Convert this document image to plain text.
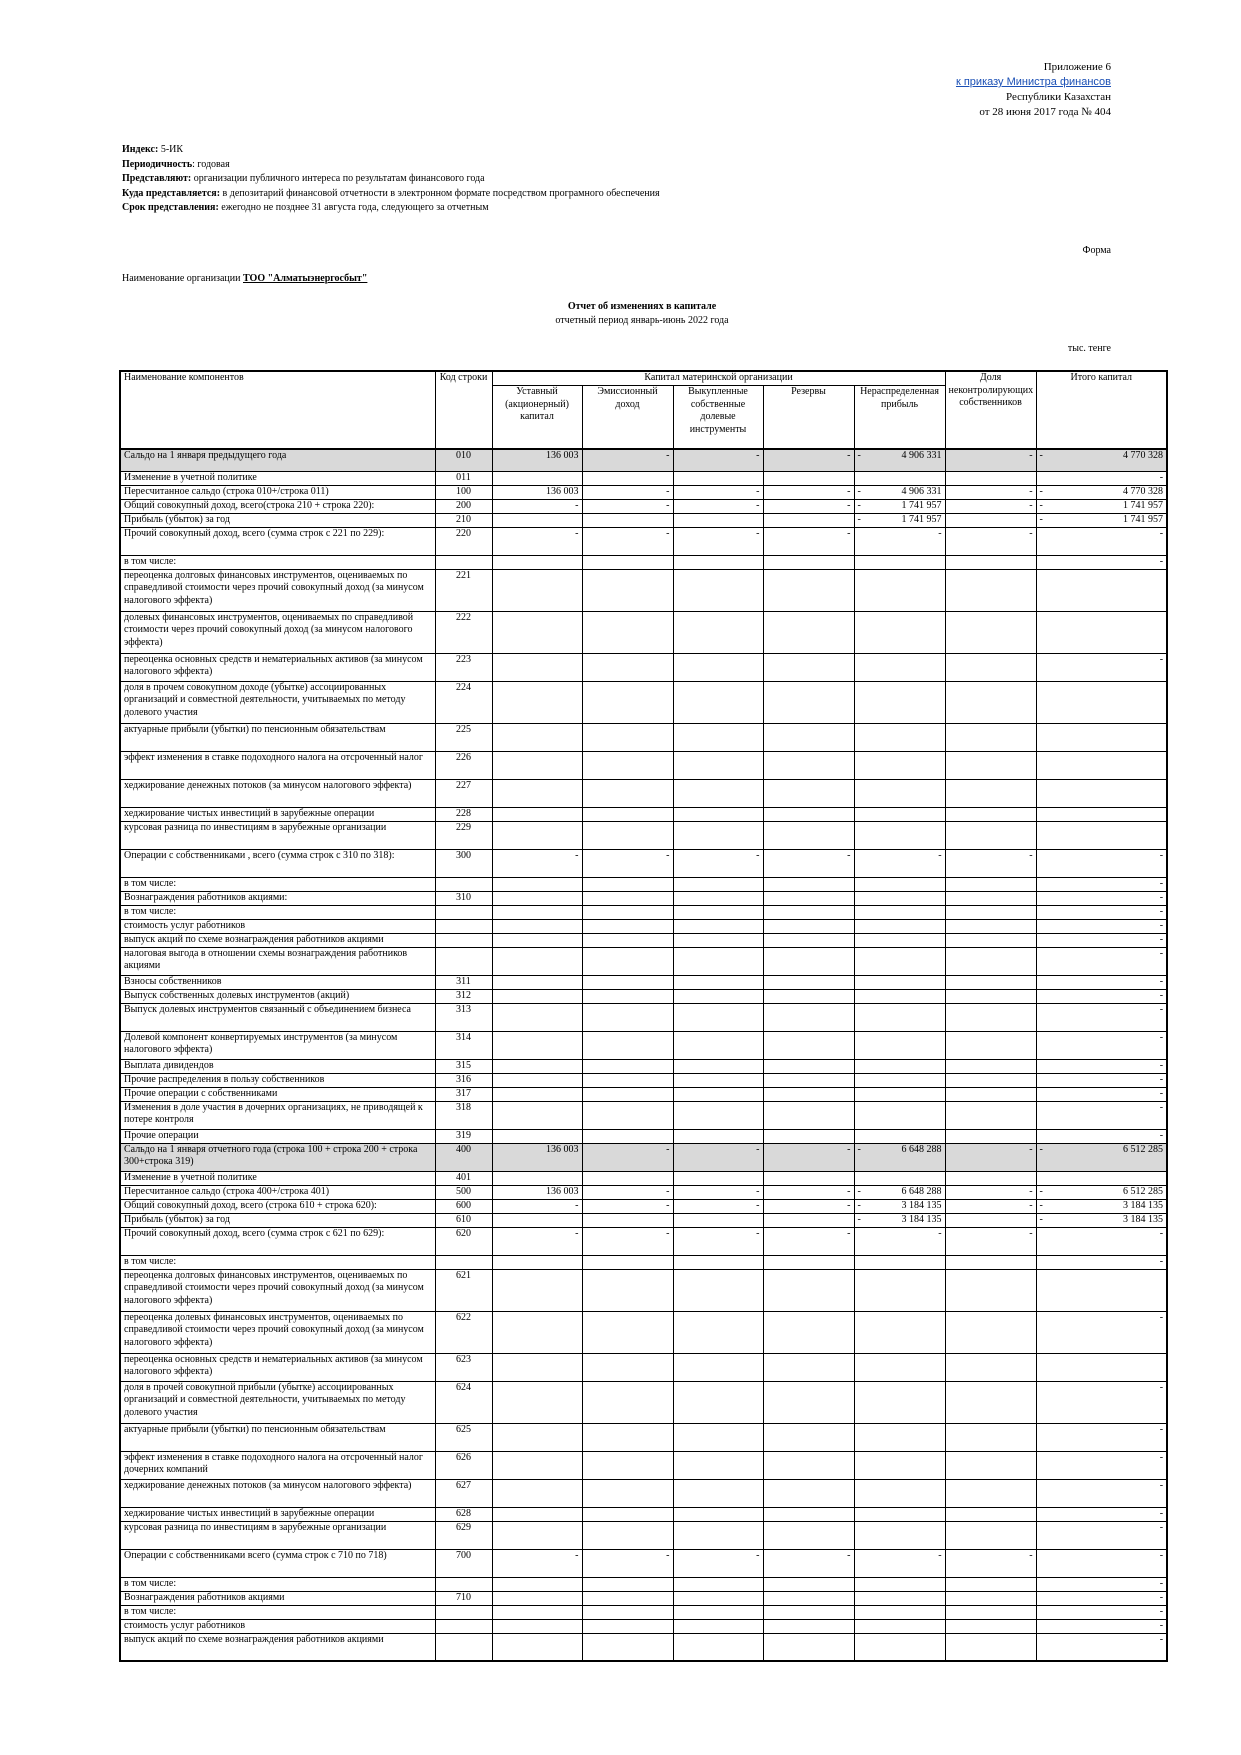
Приложение 6
к приказу Министра финансов
Республики Казахстан
от 28 июня 2017 года № 404
Индекс: 5-ИК
Периодичность: годовая
Представляют: организации публичного интереса по результатам финансового года
Куда представляется: в депозитарий финансовой отчетности в электронном формате посредством програмного обеспечения
Срок представления: ежегодно не позднее 31 августа года, следующего за отчетным
Форма
Наименование организации ТОО "Алматыэнергосбыт"
Отчет об изменениях в капитале
отчетный период январь-июнь 2022 года
тыс. тенге
Наименование компонентов	Код строки	Капитал материнской организации					Доля неконтролирующих собственников	Итого капитал
		Уставный (акционерный) капитал	Эмиссионный доход	Выкупленные собственные долевые инструменты	Резервы	Нераспределенная прибыль		
Сальдо на 1 января предыдущего года	010	136 003	-	-	-	- 4 906 331	-	- 4 770 328
Изменение в учетной политике	011							-
Пересчитанное сальдо (строка 010+/строка 011)	100	136 003	-	-	-	- 4 906 331	-	- 4 770 328
Общий совокупный доход, всего(строка 210 + строка 220):	200	-	-	-	-	- 1 741 957	-	- 1 741 957
Прибыль (убыток) за год	210					- 1 741 957		- 1 741 957
Прочий совокупный доход, всего (сумма строк с 221 по 229):	220	-	-	-	-	-	-	-
в том числе:								-
переоценка долговых финансовых инструментов, оцениваемых по справедливой стоимости через прочий совокупный доход (за минусом налогового эффекта)	221					

долевых финансовых инструментов, оцениваемых по справедливой стоимости через прочий совокупный доход (за минусом налогового эффекта)	222					

переоценка основных средств и нематериальных активов (за минусом налогового эффекта)	223							-
доля в прочем совокупном доходе (убытке) ассоциированных организаций и совместной деятельности, учитываемых по методу долевого участия	224					

актуарные прибыли (убытки) по пенсионным обязательствам	225					

эффект изменения в ставке подоходного налога на отсроченный налог	226					

хеджирование денежных потоков (за минусом налогового эффекта)	227					

хеджирование чистых инвестиций в зарубежные операции	228					

курсовая разница по инвестициям в зарубежные организации	229					

Операции с собственниками , всего (сумма строк с 310 по 318):	300	-	-	-	-	-	-	-
в том числе:								-
Вознаграждения работников акциями:	310							-
в том числе:								-
стоимость услуг работников								-
выпуск акций по схеме вознаграждения работников акциями								-
налоговая выгода в отношении схемы вознаграждения работников акциями								-
Взносы собственников	311							-
Выпуск собственных долевых инструментов (акций)	312							-
Выпуск долевых инструментов связанный с объединением бизнеса	313							-
Долевой компонент конвертируемых инструментов (за минусом налогового эффекта)	314							-
Выплата дивидендов	315							-
Прочие распределения в пользу собственников	316							-
Прочие операции с собственниками	317							-
Изменения в доле участия в дочерних организациях, не приводящей к потере контроля	318							-
Прочие операции	319							-
Сальдо на 1 января отчетного года (строка 100 + строка 200 + строка 300+строка 319)	400	136 003	-	-	-	- 6 648 288	-	- 6 512 285
Изменение в учетной политике	401					

Пересчитанное сальдо (строка 400+/строка 401)	500	136 003	-	-	-	- 6 648 288	-	- 6 512 285
Общий совокупный доход, всего (строка 610 + строка 620):	600	-	-	-	-	- 3 184 135	-	- 3 184 135
Прибыль (убыток) за год	610					- 3 184 135		- 3 184 135
Прочий совокупный доход, всего (сумма строк с 621 по 629):	620	-	-	-	-	-	-	-
в том числе:								-
переоценка долговых финансовых инструментов, оцениваемых по справедливой стоимости через прочий совокупный доход (за минусом налогового эффекта)	621					

переоценка долевых финансовых инструментов, оцениваемых по справедливой стоимости через прочий совокупный доход (за минусом налогового эффекта)	622							-
переоценка основных средств и нематериальных активов (за минусом налогового эффекта)	623					

доля в прочей совокупной прибыли (убытке) ассоциированных организаций и совместной деятельности, учитываемых по методу долевого участия	624							-
актуарные прибыли (убытки) по пенсионным обязательствам	625							-
эффект изменения в ставке подоходного налога на отсроченный налог дочерних компаний	626							-
хеджирование денежных потоков (за минусом налогового эффекта)	627							-
хеджирование чистых инвестиций в зарубежные операции	628							-
курсовая разница по инвестициям в зарубежные организации	629							-
Операции с собственниками всего (сумма строк с 710 по 718)	700	-	-	-	-	-	-	-
в том числе:								-
Вознаграждения работников акциями	710							-
в том числе:								-
стоимость услуг работников								-
выпуск акций по схеме вознаграждения работников акциями								-
